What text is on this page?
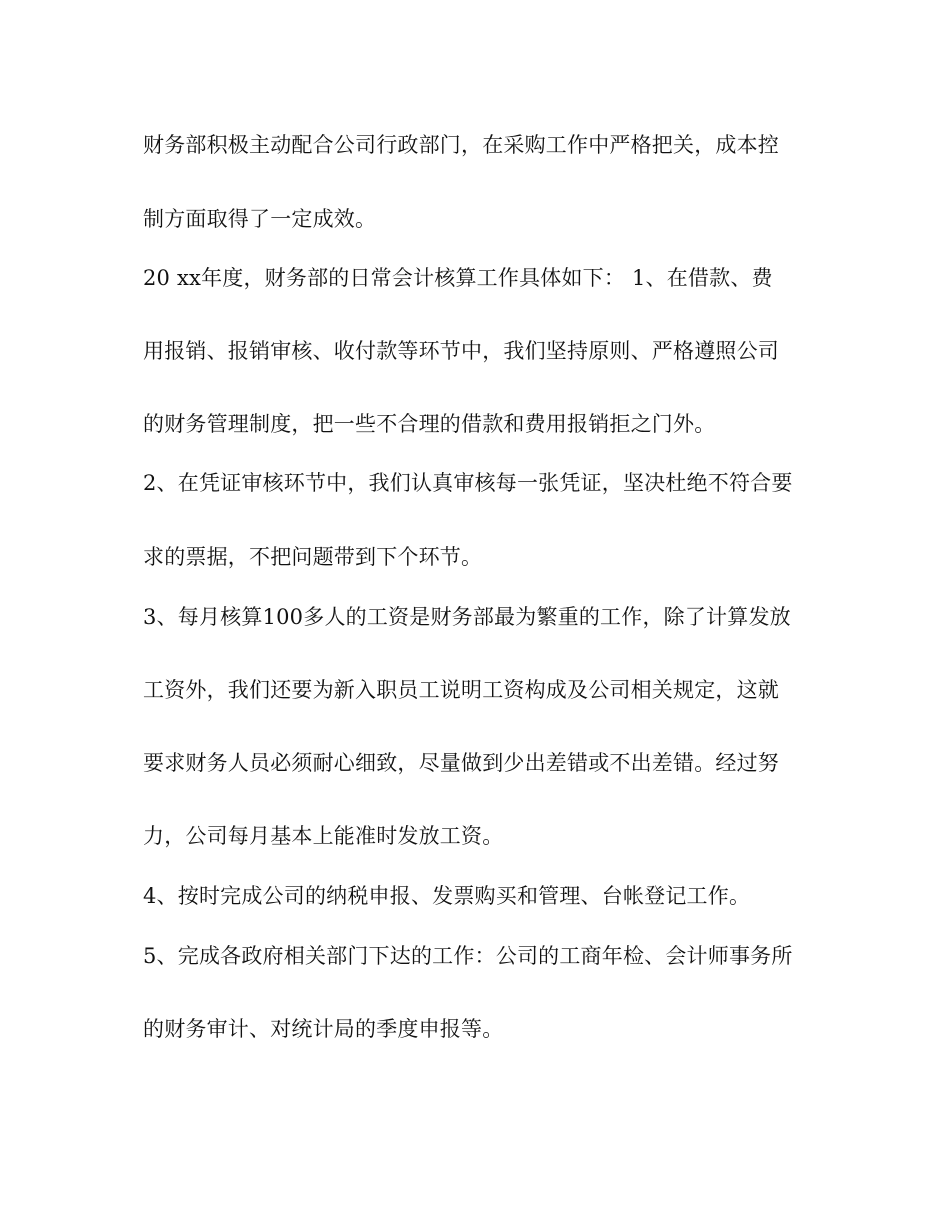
财务部积极主动配合公司行政部门，在采购工作中严格把关，成本控
制方面取得了一定成效。
20 xx年度，财务部的日常会计核算工作具体如下： 1、在借款、费
用报销、报销审核、收付款等环节中，我们坚持原则、严格遵照公司
的财务管理制度，把一些不合理的借款和费用报销拒之门外。
2、在凭证审核环节中，我们认真审核每一张凭证，坚决杜绝不符合要
求的票据，不把问题带到下个环节。
3、每月核算100多人的工资是财务部最为繁重的工作，除了计算发放
工资外，我们还要为新入职员工说明工资构成及公司相关规定，这就
要求财务人员必须耐心细致，尽量做到少出差错或不出差错。经过努
力，公司每月基本上能准时发放工资。
4、按时完成公司的纳税申报、发票购买和管理、台帐登记工作。
5、完成各政府相关部门下达的工作：公司的工商年检、会计师事务所
的财务审计、对统计局的季度申报等。
